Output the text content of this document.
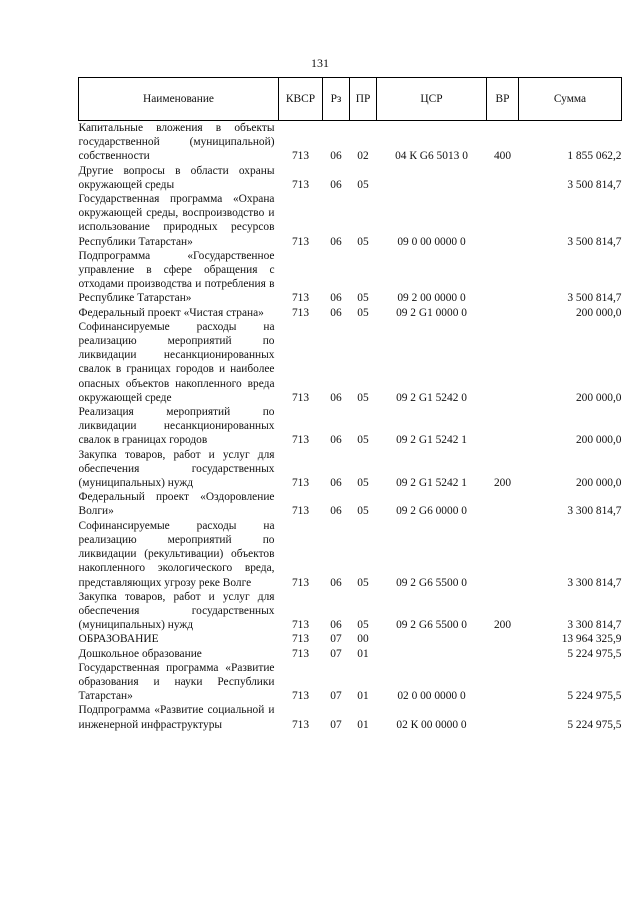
131
Наименование	КВСР	Рз	ПР	ЦСР	ВР	Сумма
Капитальные вложения в объекты государственной (муниципальной) собственности	713	06	02	04 К G6 5013 0	400	1 855 062,2
Другие вопросы в области охраны окружающей среды	713	06	05			3 500 814,7
Государственная программа «Охрана окружающей среды, воспроизводство и использование природных ресурсов Республики Татарстан»	713	06	05	09 0 00 0000 0		3 500 814,7
Подпрограмма «Государственное управление в сфере обращения с отходами производства и потребления в Республике Татарстан»	713	06	05	09 2 00 0000 0		3 500 814,7
Федеральный проект «Чистая страна»	713	06	05	09 2 G1 0000 0		200 000,0
Софинансируемые расходы на реализацию мероприятий по ликвидации несанкционированных свалок в границах городов и наиболее опасных объектов накопленного вреда окружающей среде	713	06	05	09 2 G1 5242 0		200 000,0
Реализация мероприятий по ликвидации несанкционированных свалок в границах городов	713	06	05	09 2 G1 5242 1		200 000,0
Закупка товаров, работ и услуг для обеспечения государственных (муниципальных) нужд	713	06	05	09 2 G1 5242 1	200	200 000,0
Федеральный проект «Оздоровление Волги»	713	06	05	09 2 G6 0000 0		3 300 814,7
Софинансируемые расходы на реализацию мероприятий по ликвидации (рекультивации) объектов накопленного экологического вреда, представляющих угрозу реке Волге	713	06	05	09 2 G6 5500 0		3 300 814,7
Закупка товаров, работ и услуг для обеспечения государственных (муниципальных) нужд	713	06	05	09 2 G6 5500 0	200	3 300 814,7
ОБРАЗОВАНИЕ	713	07	00			13 964 325,9
Дошкольное образование	713	07	01			5 224 975,5
Государственная программа «Развитие образования и науки Республики Татарстан»	713	07	01	02 0 00 0000 0		5 224 975,5
Подпрограмма «Развитие социальной и инженерной инфраструктуры	713	07	01	02 К 00 0000 0		5 224 975,5
